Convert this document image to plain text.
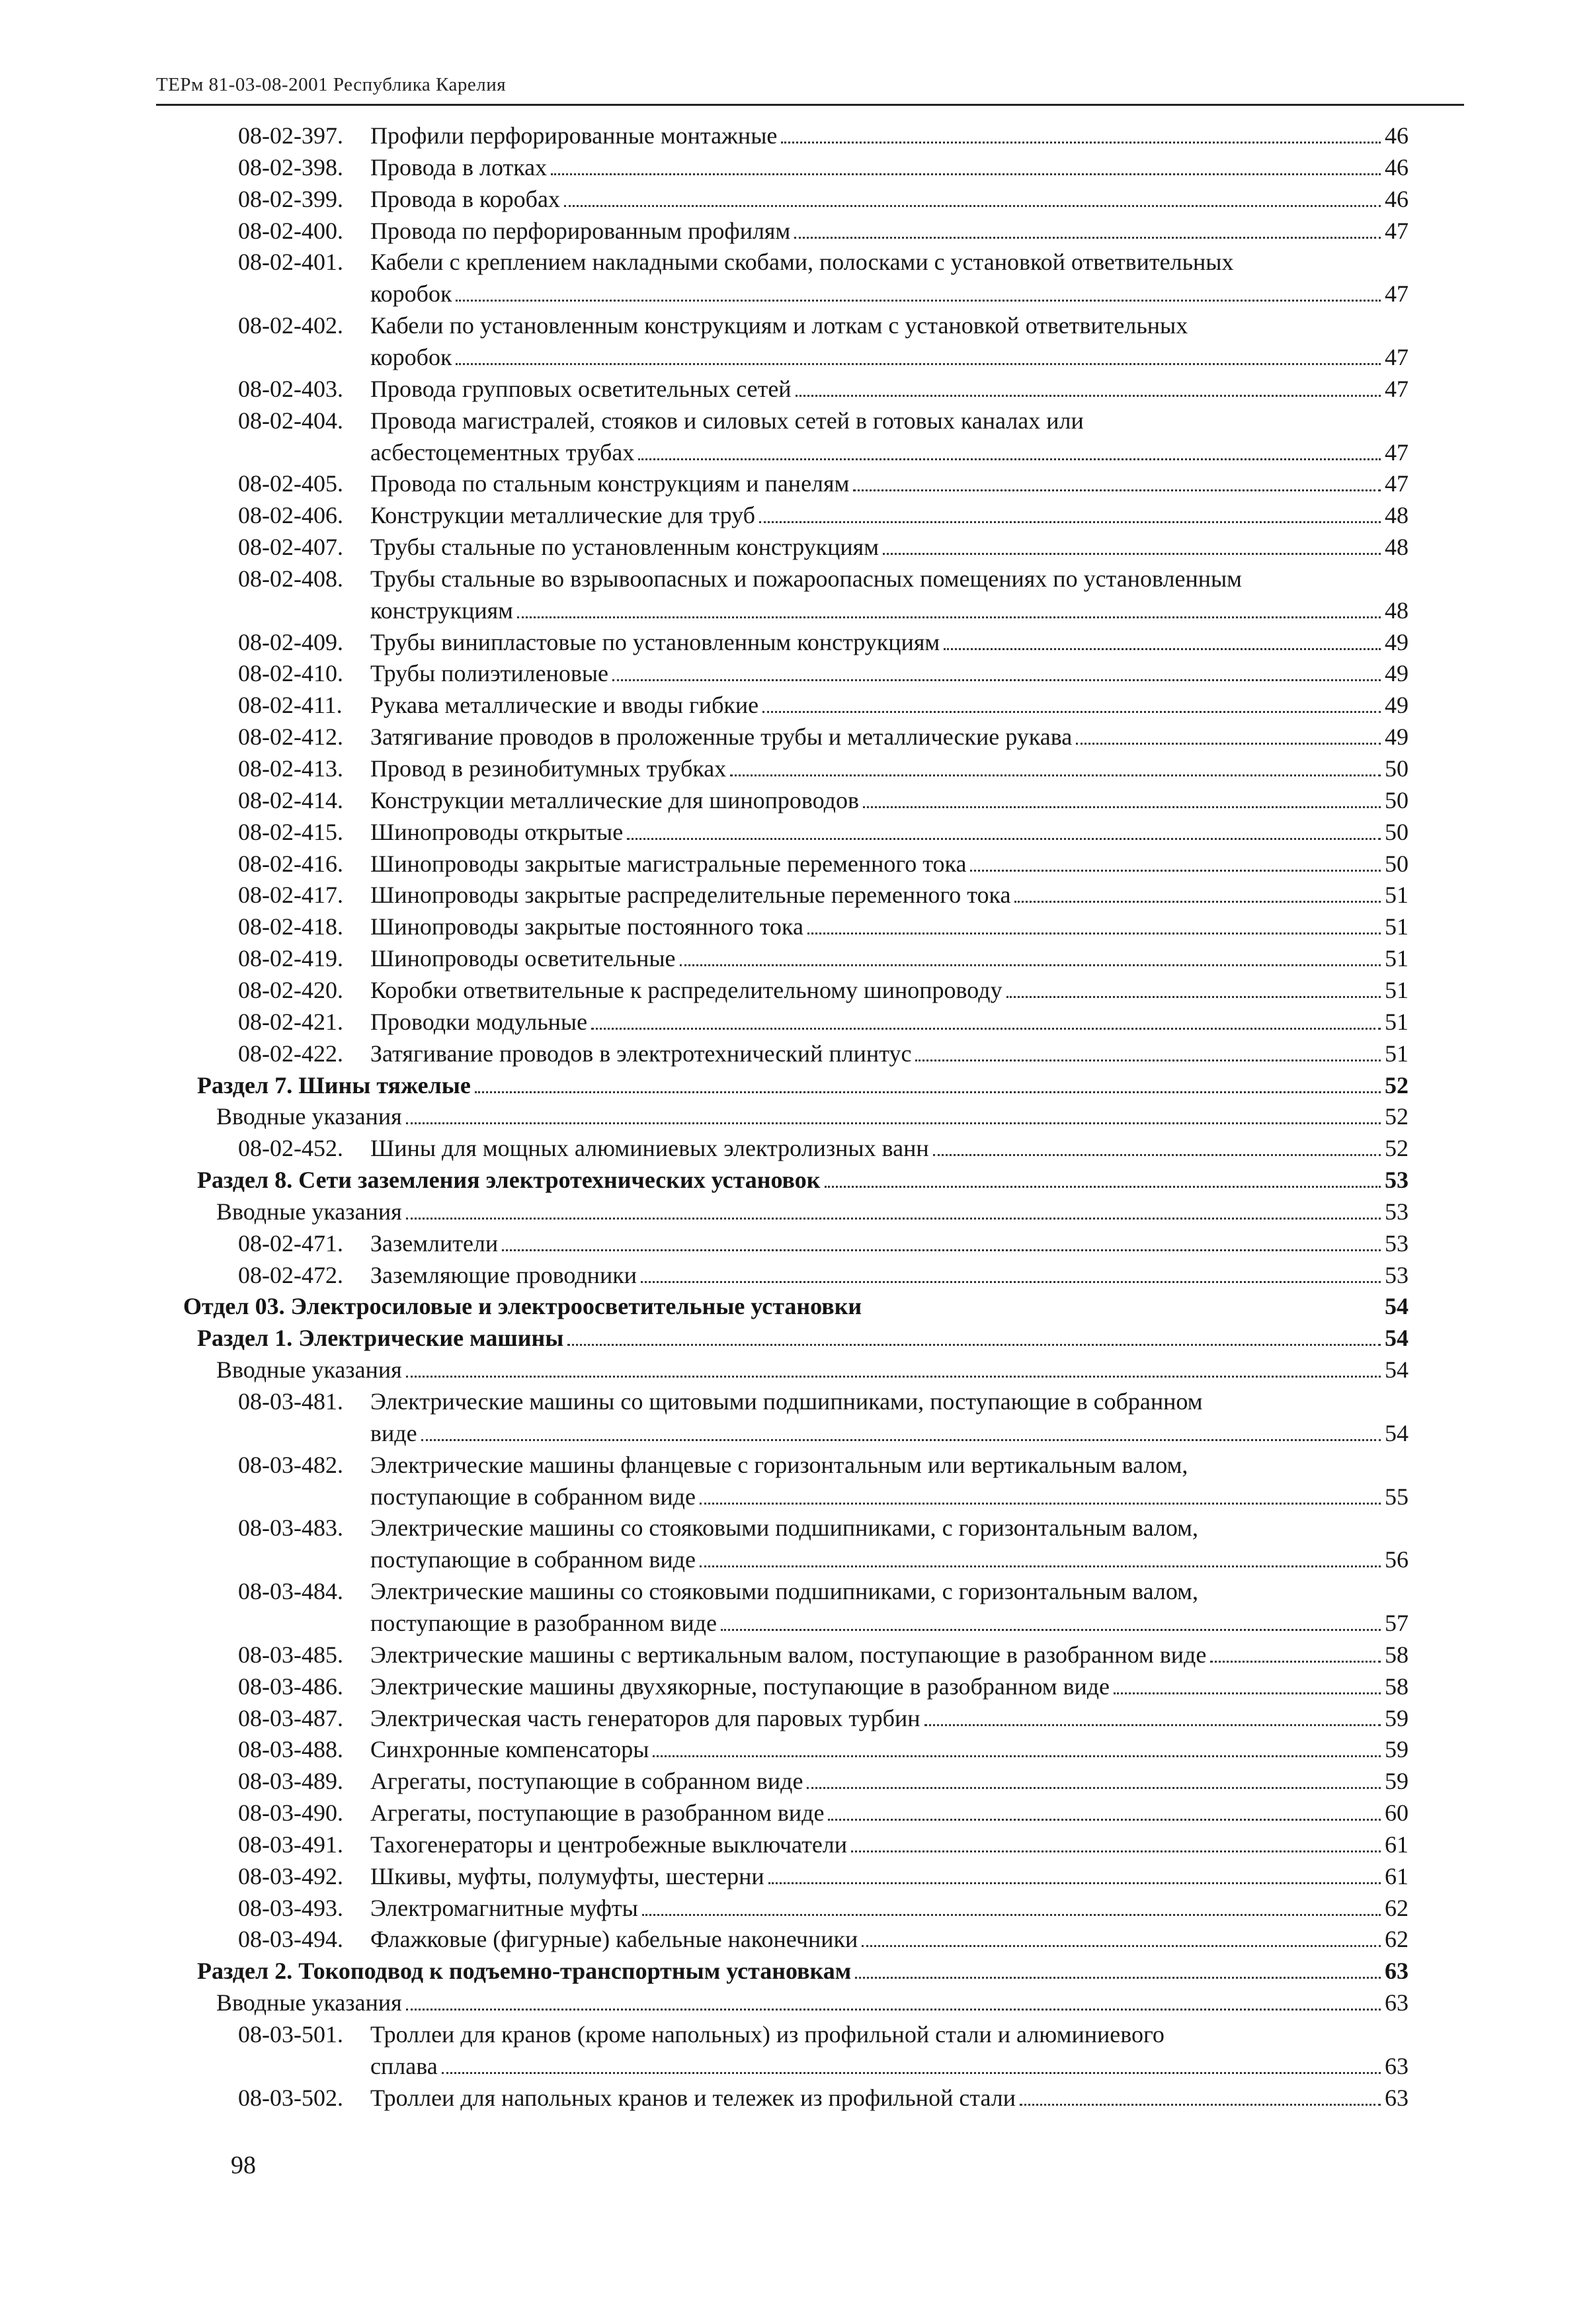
ТЕРм 81-03-08-2001 Республика Карелия
08-02-397.	Профили перфорированные монтажные	46
08-02-398.	Провода в лотках	46
08-02-399.	Провода в коробах	46
08-02-400.	Провода по перфорированным профилям	47
08-02-401.	Кабели с креплением накладными скобами, полосками с установкой ответвительных
коробок	47
08-02-402.	Кабели по установленным конструкциям и лоткам с установкой ответвительных
коробок	47
08-02-403.	Провода групповых осветительных сетей	47
08-02-404.	Провода магистралей, стояков и силовых сетей в готовых каналах или
асбестоцементных трубах	47
08-02-405.	Провода по стальным конструкциям и панелям	47
08-02-406.	Конструкции металлические для труб	48
08-02-407.	Трубы стальные по установленным конструкциям	48
08-02-408.	Трубы стальные во взрывоопасных и пожароопасных помещениях по установленным
конструкциям	48
08-02-409.	Трубы винипластовые по установленным конструкциям	49
08-02-410.	Трубы полиэтиленовые	49
08-02-411.	Рукава металлические и вводы гибкие	49
08-02-412.	Затягивание проводов в проложенные трубы и металлические рукава	49
08-02-413.	Провод в резинобитумных трубках	50
08-02-414.	Конструкции металлические для шинопроводов	50
08-02-415.	Шинопроводы открытые	50
08-02-416.	Шинопроводы закрытые магистральные переменного тока	50
08-02-417.	Шинопроводы закрытые распределительные переменного тока	51
08-02-418.	Шинопроводы закрытые постоянного тока	51
08-02-419.	Шинопроводы осветительные	51
08-02-420.	Коробки ответвительные к распределительному шинопроводу	51
08-02-421.	Проводки модульные	51
08-02-422.	Затягивание проводов в электротехнический плинтус	51
Раздел 7. Шины тяжелые	52
Вводные указания	52
08-02-452.	Шины для мощных алюминиевых электролизных ванн	52
Раздел 8. Сети заземления электротехнических установок	53
Вводные указания	53
08-02-471.	Заземлители	53
08-02-472.	Заземляющие проводники	53
Отдел 03. Электросиловые и электроосветительные установки	54
Раздел 1. Электрические машины	54
Вводные указания	54
08-03-481.	Электрические машины со щитовыми подшипниками, поступающие в собранном
виде	54
08-03-482.	Электрические машины фланцевые с горизонтальным или вертикальным валом,
поступающие в собранном виде	55
08-03-483.	Электрические машины со стояковыми подшипниками, с горизонтальным валом,
поступающие в собранном виде	56
08-03-484.	Электрические машины со стояковыми подшипниками, с горизонтальным валом,
поступающие в разобранном виде	57
08-03-485.	Электрические машины с вертикальным валом, поступающие в разобранном виде	58
08-03-486.	Электрические машины двухякорные, поступающие в разобранном виде	58
08-03-487.	Электрическая часть генераторов для паровых турбин	59
08-03-488.	Синхронные компенсаторы	59
08-03-489.	Агрегаты, поступающие в собранном виде	59
08-03-490.	Агрегаты, поступающие в разобранном виде	60
08-03-491.	Тахогенераторы и центробежные выключатели	61
08-03-492.	Шкивы, муфты, полумуфты, шестерни	61
08-03-493.	Электромагнитные муфты	62
08-03-494.	Флажковые (фигурные) кабельные наконечники	62
Раздел 2. Токоподвод к подъемно-транспортным установкам	63
Вводные указания	63
08-03-501.	Троллеи для кранов (кроме напольных) из профильной стали и алюминиевого
сплава	63
08-03-502.	Троллеи для напольных кранов и тележек из профильной стали	63
98
